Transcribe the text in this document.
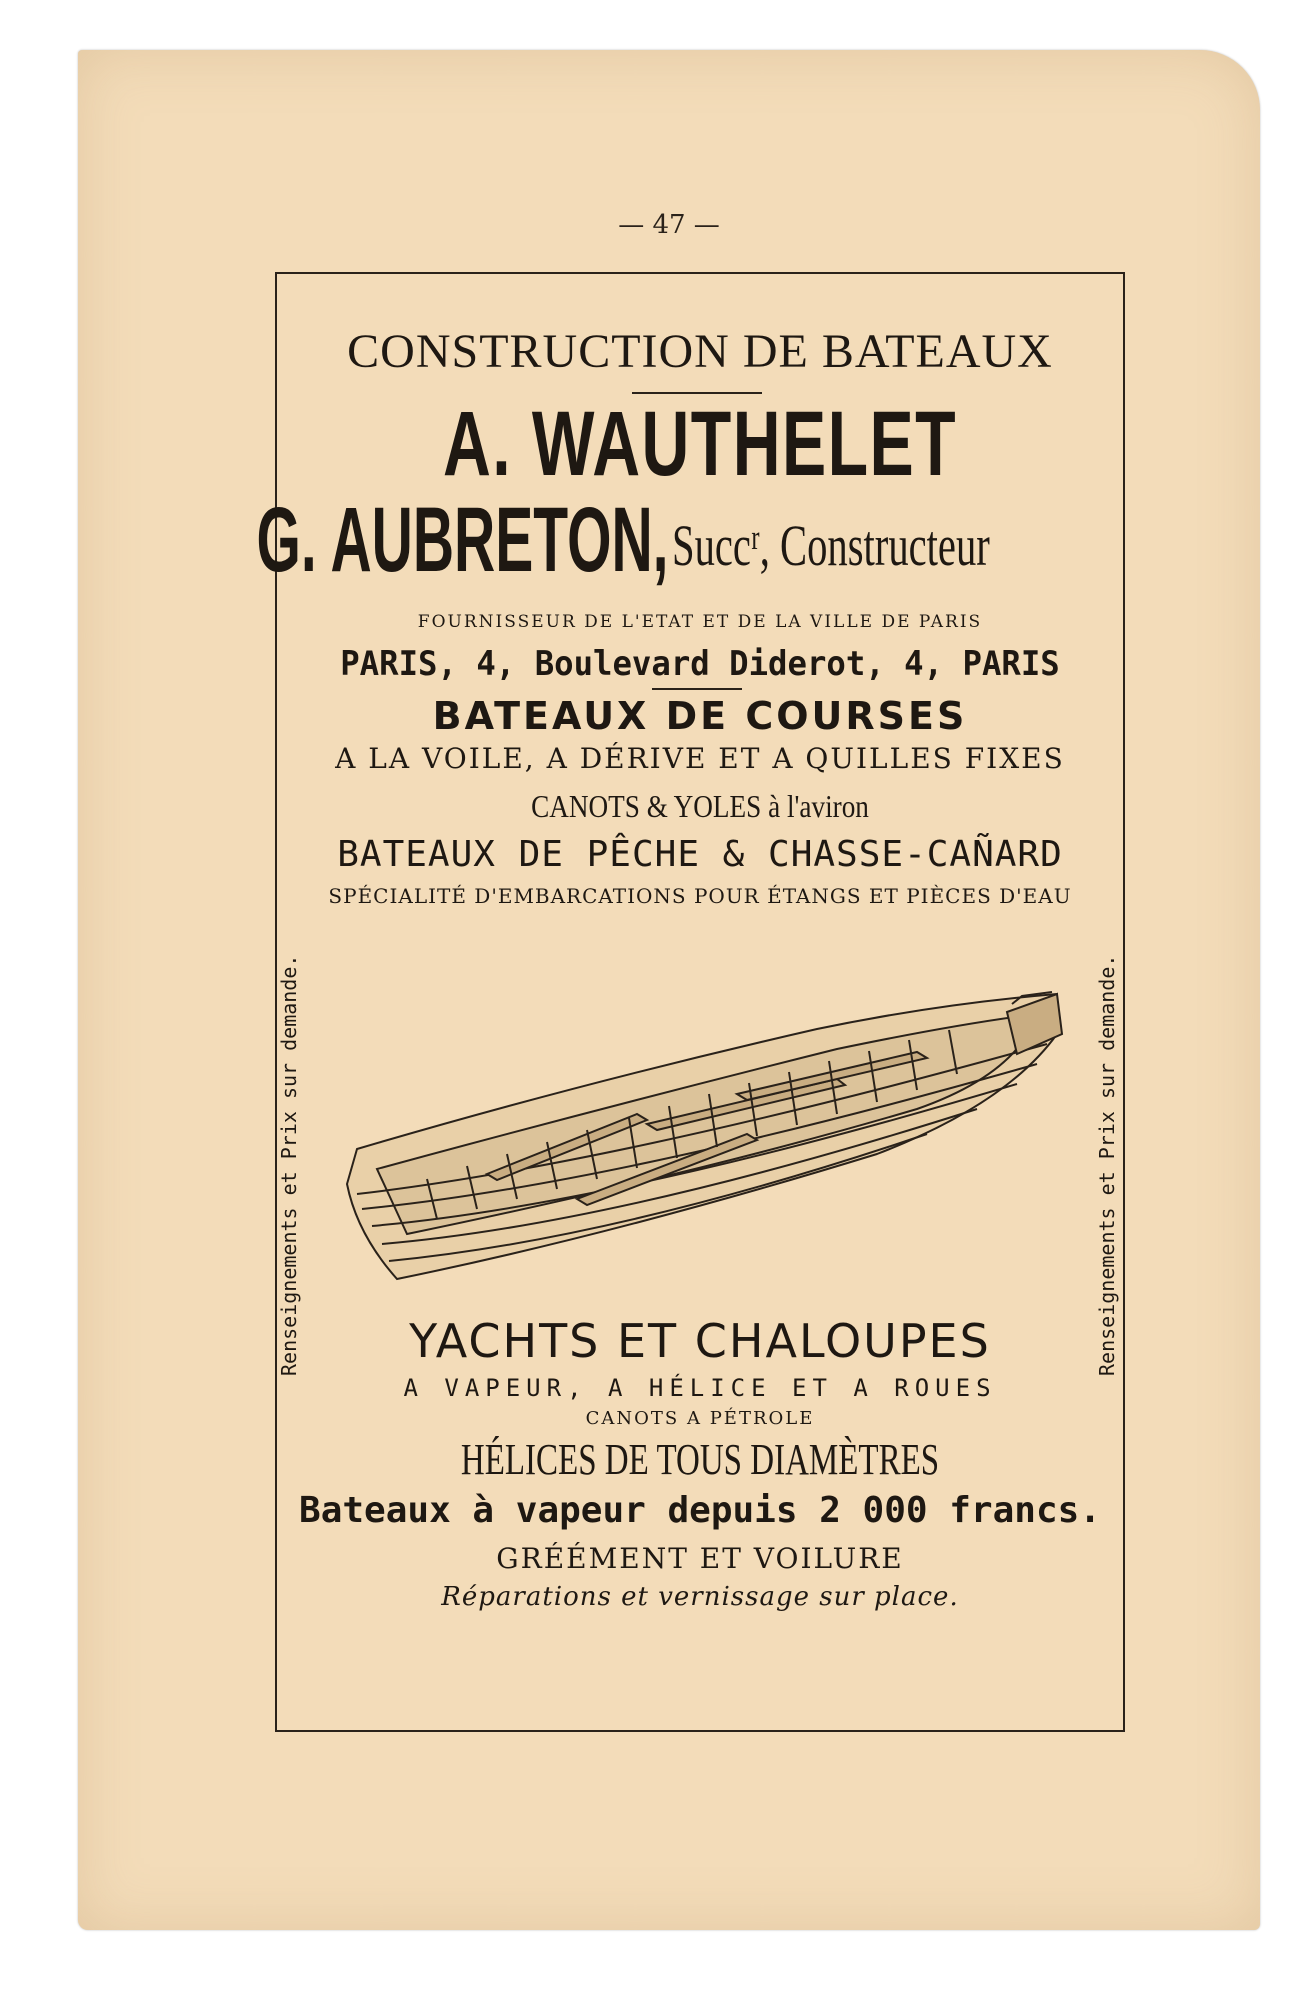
— 47 —
CONSTRUCTION DE BATEAUX
A. WAUTHELET
G. AUBRETON, Succʳ, Constructeur
FOURNISSEUR DE L'ETAT ET DE LA VILLE DE PARIS
PARIS, 4, Boulevard Diderot, 4, PARIS
BATEAUX DE COURSES
A LA VOILE, A DÉRIVE ET A QUILLES FIXES
CANOTS & YOLES à l'aviron
BATEAUX DE PÊCHE & CHASSE-CAÑARD
SPÉCIALITÉ D'EMBARCATIONS POUR ÉTANGS ET PIÈCES D'EAU
Renseignements et Prix sur demande.	Renseignements et Prix sur demande.
YACHTS ET CHALOUPES
A VAPEUR, A HÉLICE ET A ROUES
CANOTS A PÉTROLE
HÉLICES DE TOUS DIAMÈTRES
Bateaux à vapeur depuis 2 000 francs.
GRÉÉMENT ET VOILURE
Réparations et vernissage sur place.
